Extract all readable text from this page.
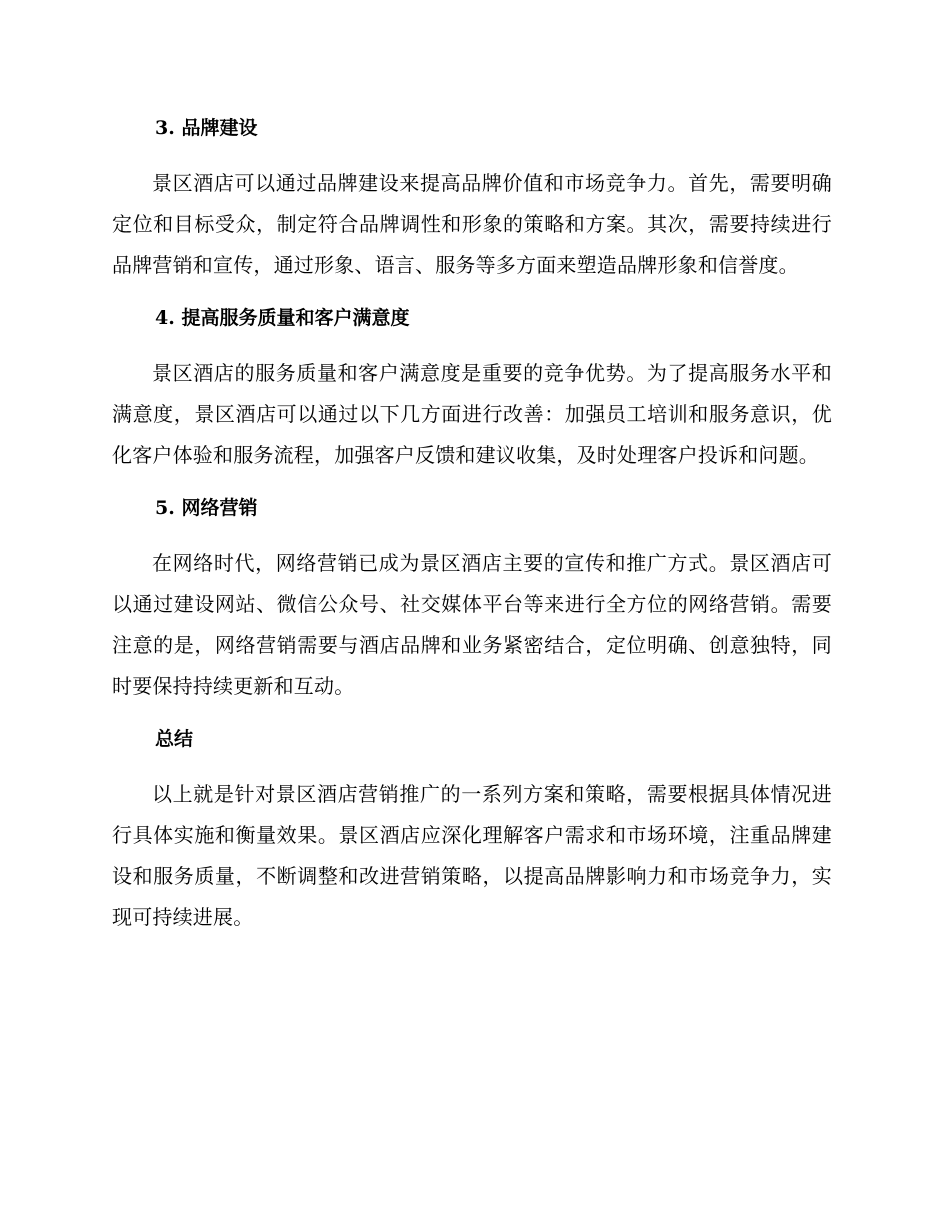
3. 品牌建设

景区酒店可以通过品牌建设来提高品牌价值和市场竞争力。首先，需要明确定位和目标受众，制定符合品牌调性和形象的策略和方案。其次，需要持续进行品牌营销和宣传，通过形象、语言、服务等多方面来塑造品牌形象和信誉度。

4. 提高服务质量和客户满意度

景区酒店的服务质量和客户满意度是重要的竞争优势。为了提高服务水平和满意度，景区酒店可以通过以下几方面进行改善：加强员工培训和服务意识，优化客户体验和服务流程，加强客户反馈和建议收集，及时处理客户投诉和问题。

5. 网络营销

在网络时代，网络营销已成为景区酒店主要的宣传和推广方式。景区酒店可以通过建设网站、微信公众号、社交媒体平台等来进行全方位的网络营销。需要注意的是，网络营销需要与酒店品牌和业务紧密结合，定位明确、创意独特，同时要保持持续更新和互动。

总结

以上就是针对景区酒店营销推广的一系列方案和策略，需要根据具体情况进行具体实施和衡量效果。景区酒店应深化理解客户需求和市场环境，注重品牌建设和服务质量，不断调整和改进营销策略，以提高品牌影响力和市场竞争力，实现可持续进展。
